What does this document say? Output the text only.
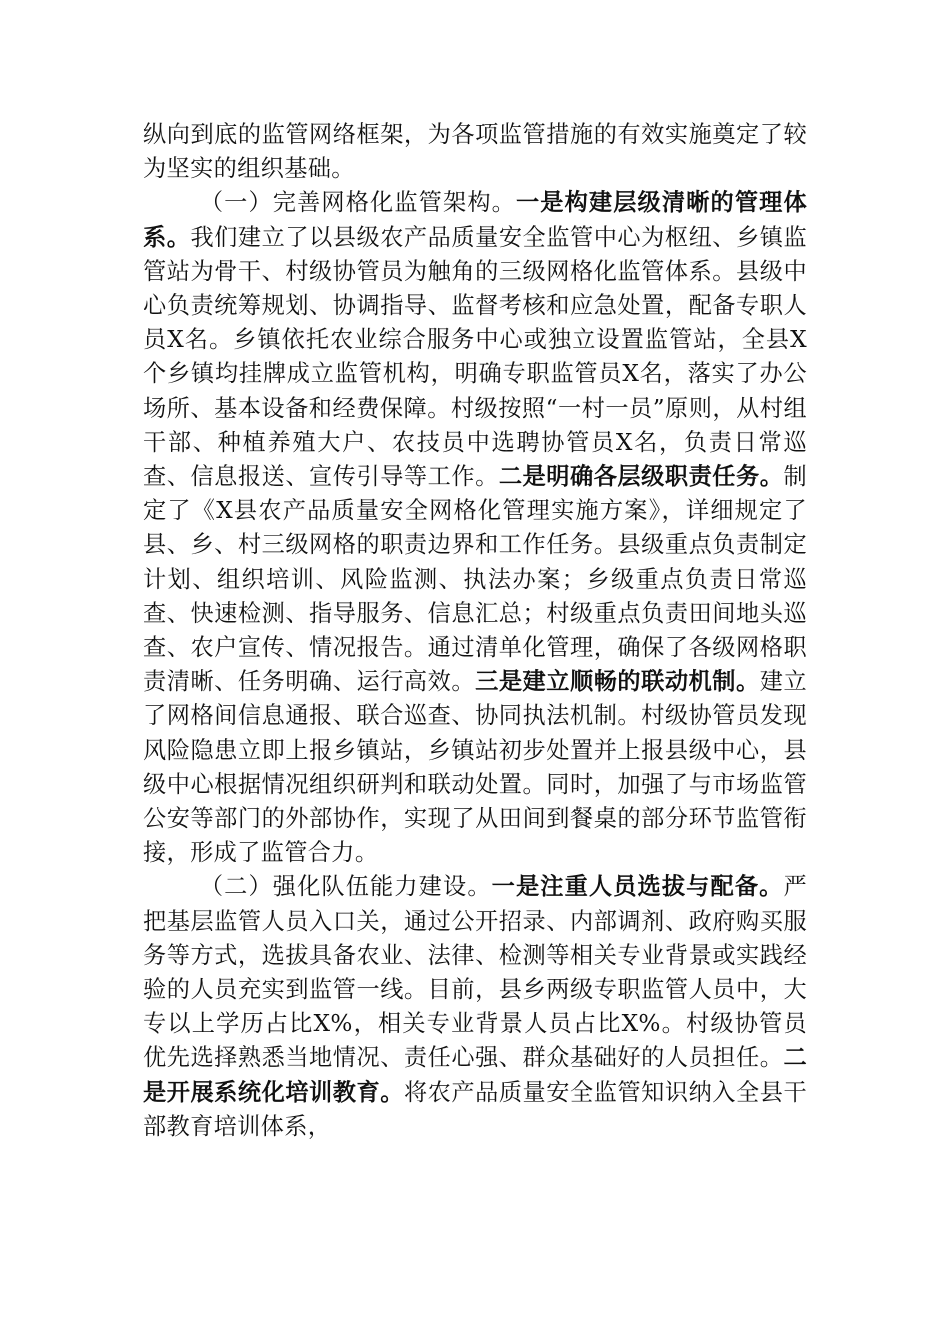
纵向到底的监管网络框架，为各项监管措施的有效实施奠定了较为坚实的组织基础。

（一）完善网格化监管架构。一是构建层级清晰的管理体系。我们建立了以县级农产品质量安全监管中心为枢纽、乡镇监管站为骨干、村级协管员为触角的三级网格化监管体系。县级中心负责统筹规划、协调指导、监督考核和应急处置，配备专职人员X名。乡镇依托农业综合服务中心或独立设置监管站，全县X个乡镇均挂牌成立监管机构，明确专职监管员X名，落实了办公场所、基本设备和经费保障。村级按照“一村一员”原则，从村组干部、种植养殖大户、农技员中选聘协管员X名，负责日常巡查、信息报送、宣传引导等工作。二是明确各层级职责任务。制定了《X县农产品质量安全网格化管理实施方案》，详细规定了县、乡、村三级网格的职责边界和工作任务。县级重点负责制定计划、组织培训、风险监测、执法办案；乡级重点负责日常巡查、快速检测、指导服务、信息汇总；村级重点负责田间地头巡查、农户宣传、情况报告。通过清单化管理，确保了各级网格职责清晰、任务明确、运行高效。三是建立顺畅的联动机制。建立了网格间信息通报、联合巡查、协同执法机制。村级协管员发现风险隐患立即上报乡镇站，乡镇站初步处置并上报县级中心，县级中心根据情况组织研判和联动处置。同时，加强了与市场监管公安等部门的外部协作，实现了从田间到餐桌的部分环节监管衔接，形成了监管合力。

（二）强化队伍能力建设。一是注重人员选拔与配备。严把基层监管人员入口关，通过公开招录、内部调剂、政府购买服务等方式，选拔具备农业、法律、检测等相关专业背景或实践经验的人员充实到监管一线。目前，县乡两级专职监管人员中，大专以上学历占比X%，相关专业背景人员占比X%。村级协管员优先选择熟悉当地情况、责任心强、群众基础好的人员担任。二是开展系统化培训教育。将农产品质量安全监管知识纳入全县干部教育培训体系，
